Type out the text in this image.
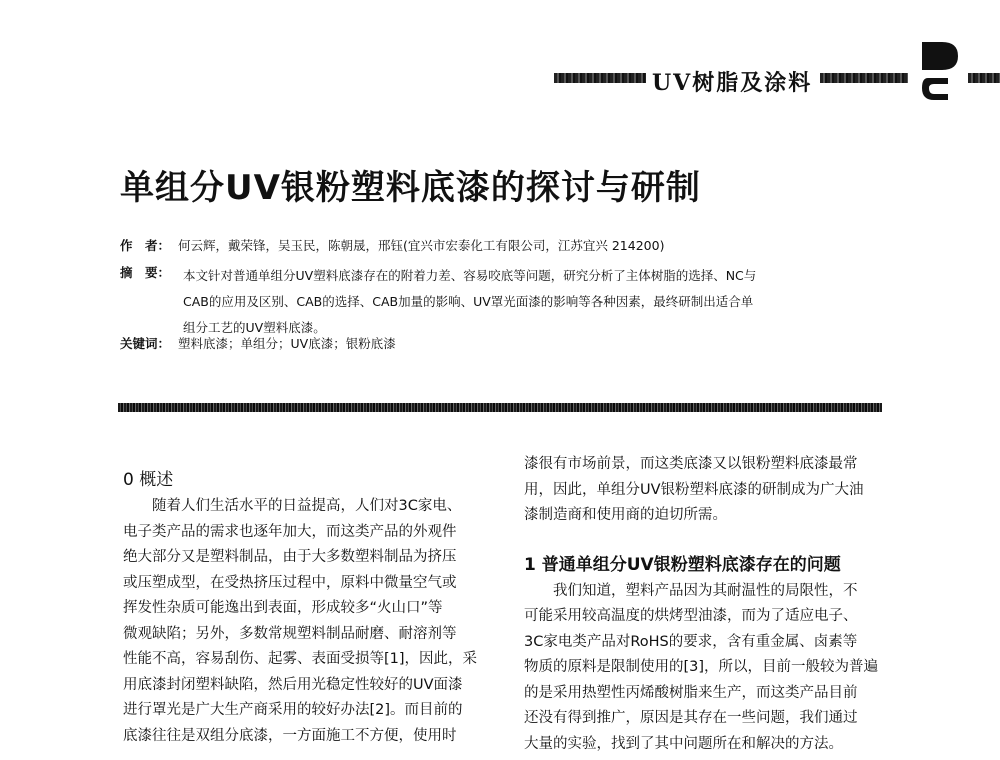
UV树脂及涂料
单组分UV银粉塑料底漆的探讨与研制
作　者： 何云辉，戴荣锋，吴玉民，陈朝晟，邢钰(宜兴市宏泰化工有限公司，江苏宜兴 214200)
摘　要：	本文针对普通单组分UV塑料底漆存在的附着力差、容易咬底等问题，研究分析了主体树脂的选择、NC与
CAB的应用及区别、CAB的选择、CAB加量的影响、UV罩光面漆的影响等各种因素，最终研制出适合单
组分工艺的UV塑料底漆。
关键词： 塑料底漆；单组分；UV底漆；银粉底漆
0 概述
　　随着人们生活水平的日益提高，人们对3C家电、
电子类产品的需求也逐年加大，而这类产品的外观件
绝大部分又是塑料制品，由于大多数塑料制品为挤压
或压塑成型，在受热挤压过程中，原料中微量空气或
挥发性杂质可能逸出到表面，形成较多“火山口”等
微观缺陷；另外，多数常规塑料制品耐磨、耐溶剂等
性能不高，容易刮伤、起雾、表面受损等[1]，因此，采
用底漆封闭塑料缺陷，然后用光稳定性较好的UV面漆
进行罩光是广大生产商采用的较好办法[2]。而目前的
底漆往往是双组分底漆，一方面施工不方便，使用时
漆很有市场前景，而这类底漆又以银粉塑料底漆最常
用，因此，单组分UV银粉塑料底漆的研制成为广大油
漆制造商和使用商的迫切所需。
1 普通单组分UV银粉塑料底漆存在的问题
　　我们知道，塑料产品因为其耐温性的局限性，不
可能采用较高温度的烘烤型油漆，而为了适应电子、
3C家电类产品对RoHS的要求，含有重金属、卤素等
物质的原料是限制使用的[3]，所以，目前一般较为普遍
的是采用热塑性丙烯酸树脂来生产，而这类产品目前
还没有得到推广，原因是其存在一些问题，我们通过
大量的实验，找到了其中问题所在和解决的方法。
